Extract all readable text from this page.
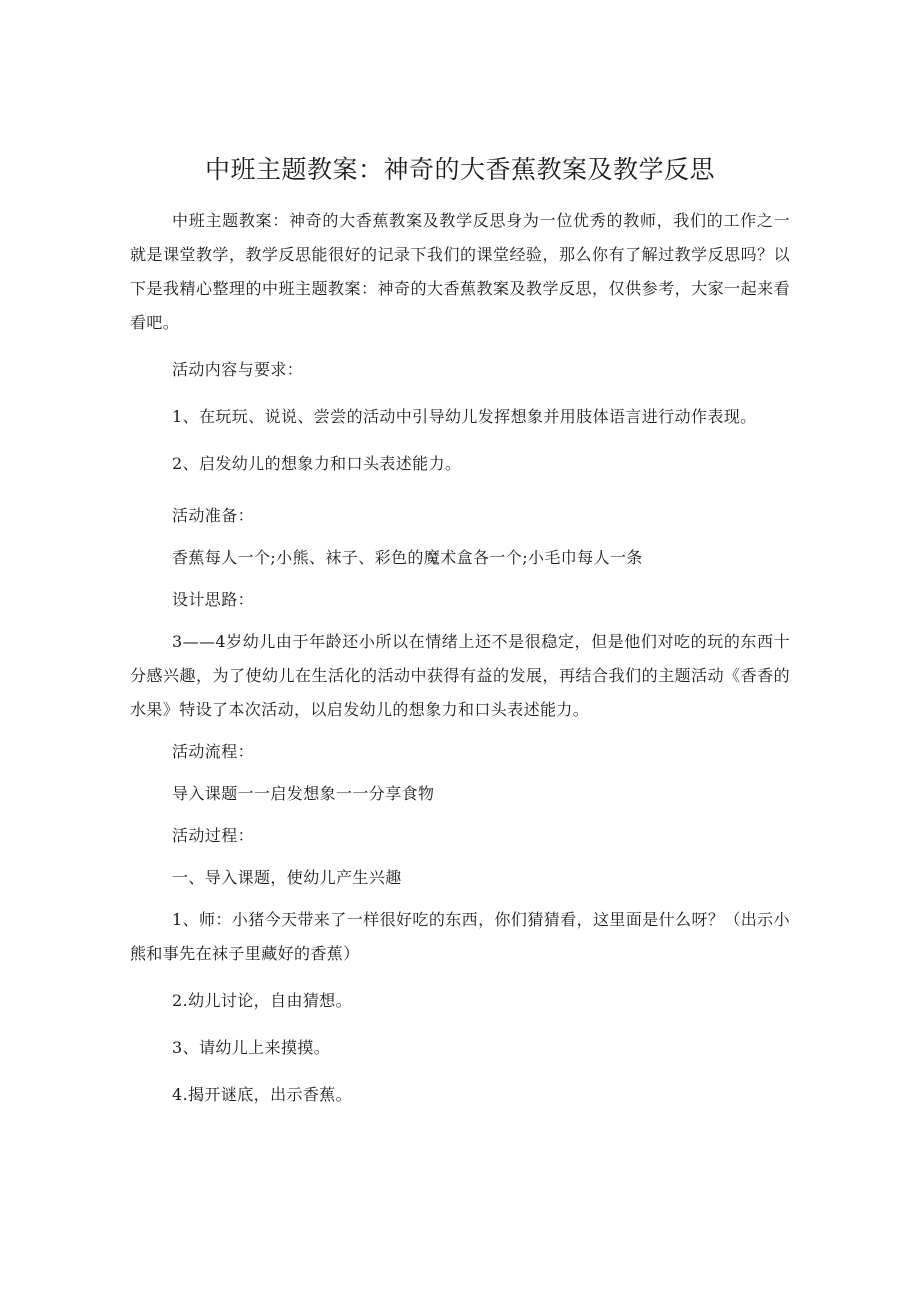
中班主题教案：神奇的大香蕉教案及教学反思

中班主题教案：神奇的大香蕉教案及教学反思身为一位优秀的教师，我们的工作之一就是课堂教学，教学反思能很好的记录下我们的课堂经验，那么你有了解过教学反思吗？以下是我精心整理的中班主题教案：神奇的大香蕉教案及教学反思，仅供参考，大家一起来看看吧。

活动内容与要求：

1、在玩玩、说说、尝尝的活动中引导幼儿发挥想象并用肢体语言进行动作表现。

2、启发幼儿的想象力和口头表述能力。

活动准备：

香蕉每人一个;小熊、袜子、彩色的魔术盒各一个;小毛巾每人一条

设计思路：

3——4岁幼儿由于年龄还小所以在情绪上还不是很稳定，但是他们对吃的玩的东西十分感兴趣，为了使幼儿在生活化的活动中获得有益的发展，再结合我们的主题活动《香香的水果》特设了本次活动，以启发幼儿的想象力和口头表述能力。

活动流程：

导入课题一一启发想象一一分享食物

活动过程：

一、导入课题，使幼儿产生兴趣

1、师：小猪今天带来了一样很好吃的东西，你们猜猜看，这里面是什么呀？（出示小熊和事先在袜子里藏好的香蕉）

2.幼儿讨论，自由猜想。

3、请幼儿上来摸摸。

4.揭开谜底，出示香蕉。
